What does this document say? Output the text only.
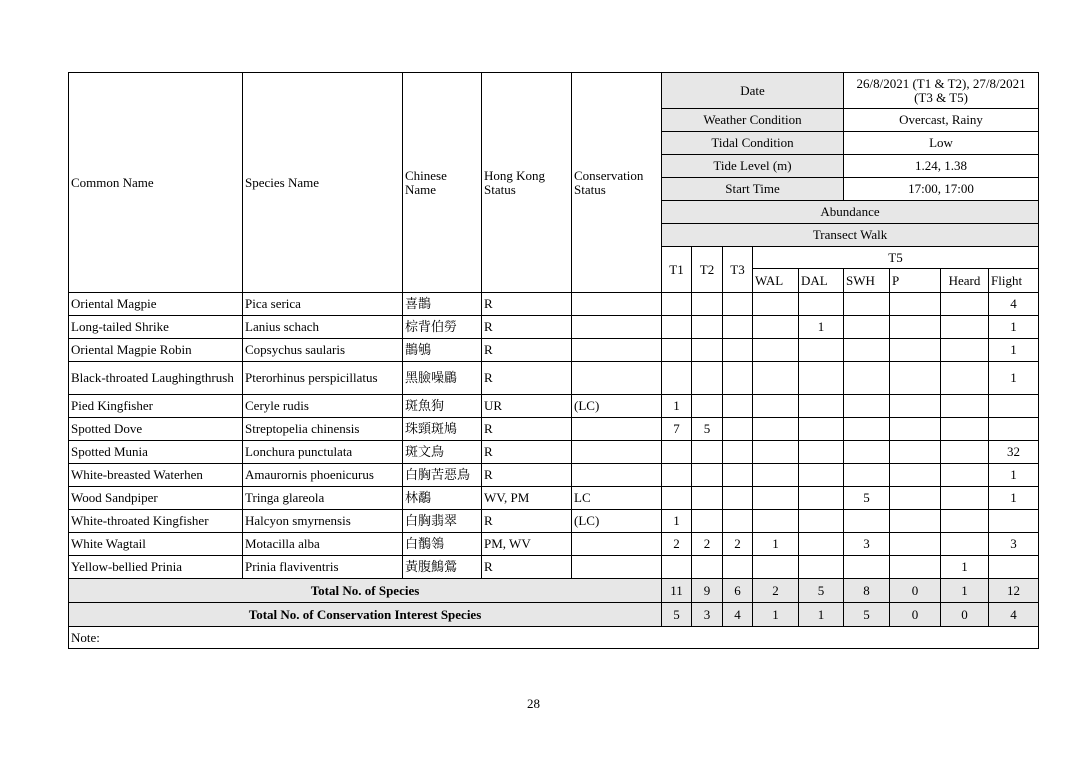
Common Name	Species Name	Chinese Name	Hong Kong Status	Conservation Status	Date					26/8/2021 (T1 & T2), 27/8/2021 (T3 & T5)			
					Weather Condition					Overcast, Rainy			
					Tidal Condition					Low			
					Tide Level (m)					1.24, 1.38			
					Start Time					17:00, 17:00			
					Abundance								
					Transect Walk								
					T1	T2	T3	T5					
								WAL	DAL	SWH	P	Heard	Flight
Oriental Magpie	Pica serica	喜鵲	R										4
Long-tailed Shrike	Lanius schach	棕背伯勞	R						1				1
Oriental Magpie Robin	Copsychus saularis	鵲鴝	R										1
Black-throated Laughingthrush	Pterorhinus perspicillatus	黑臉噪鶥	R										1
Pied Kingfisher	Ceryle rudis	斑魚狗	UR	(LC)	1								
Spotted Dove	Streptopelia chinensis	珠頸斑鳩	R		7	5							
Spotted Munia	Lonchura punctulata	斑文鳥	R										32
White-breasted Waterhen	Amaurornis phoenicurus	白胸苦惡鳥	R										1
Wood Sandpiper	Tringa glareola	林鷸	WV, PM	LC						5			1
White-throated Kingfisher	Halcyon smyrnensis	白胸翡翠	R	(LC)	1								
White Wagtail	Motacilla alba	白鶺鴒	PM, WV		2	2	2	1		3			3
Yellow-bellied Prinia	Prinia flaviventris	黃腹鷦鶯	R									1	
Total No. of Species					11	9	6	2	5	8	0	1	12
Total No. of Conservation Interest Species					5	3	4	1	1	5	0	0	4
Note:													
28
